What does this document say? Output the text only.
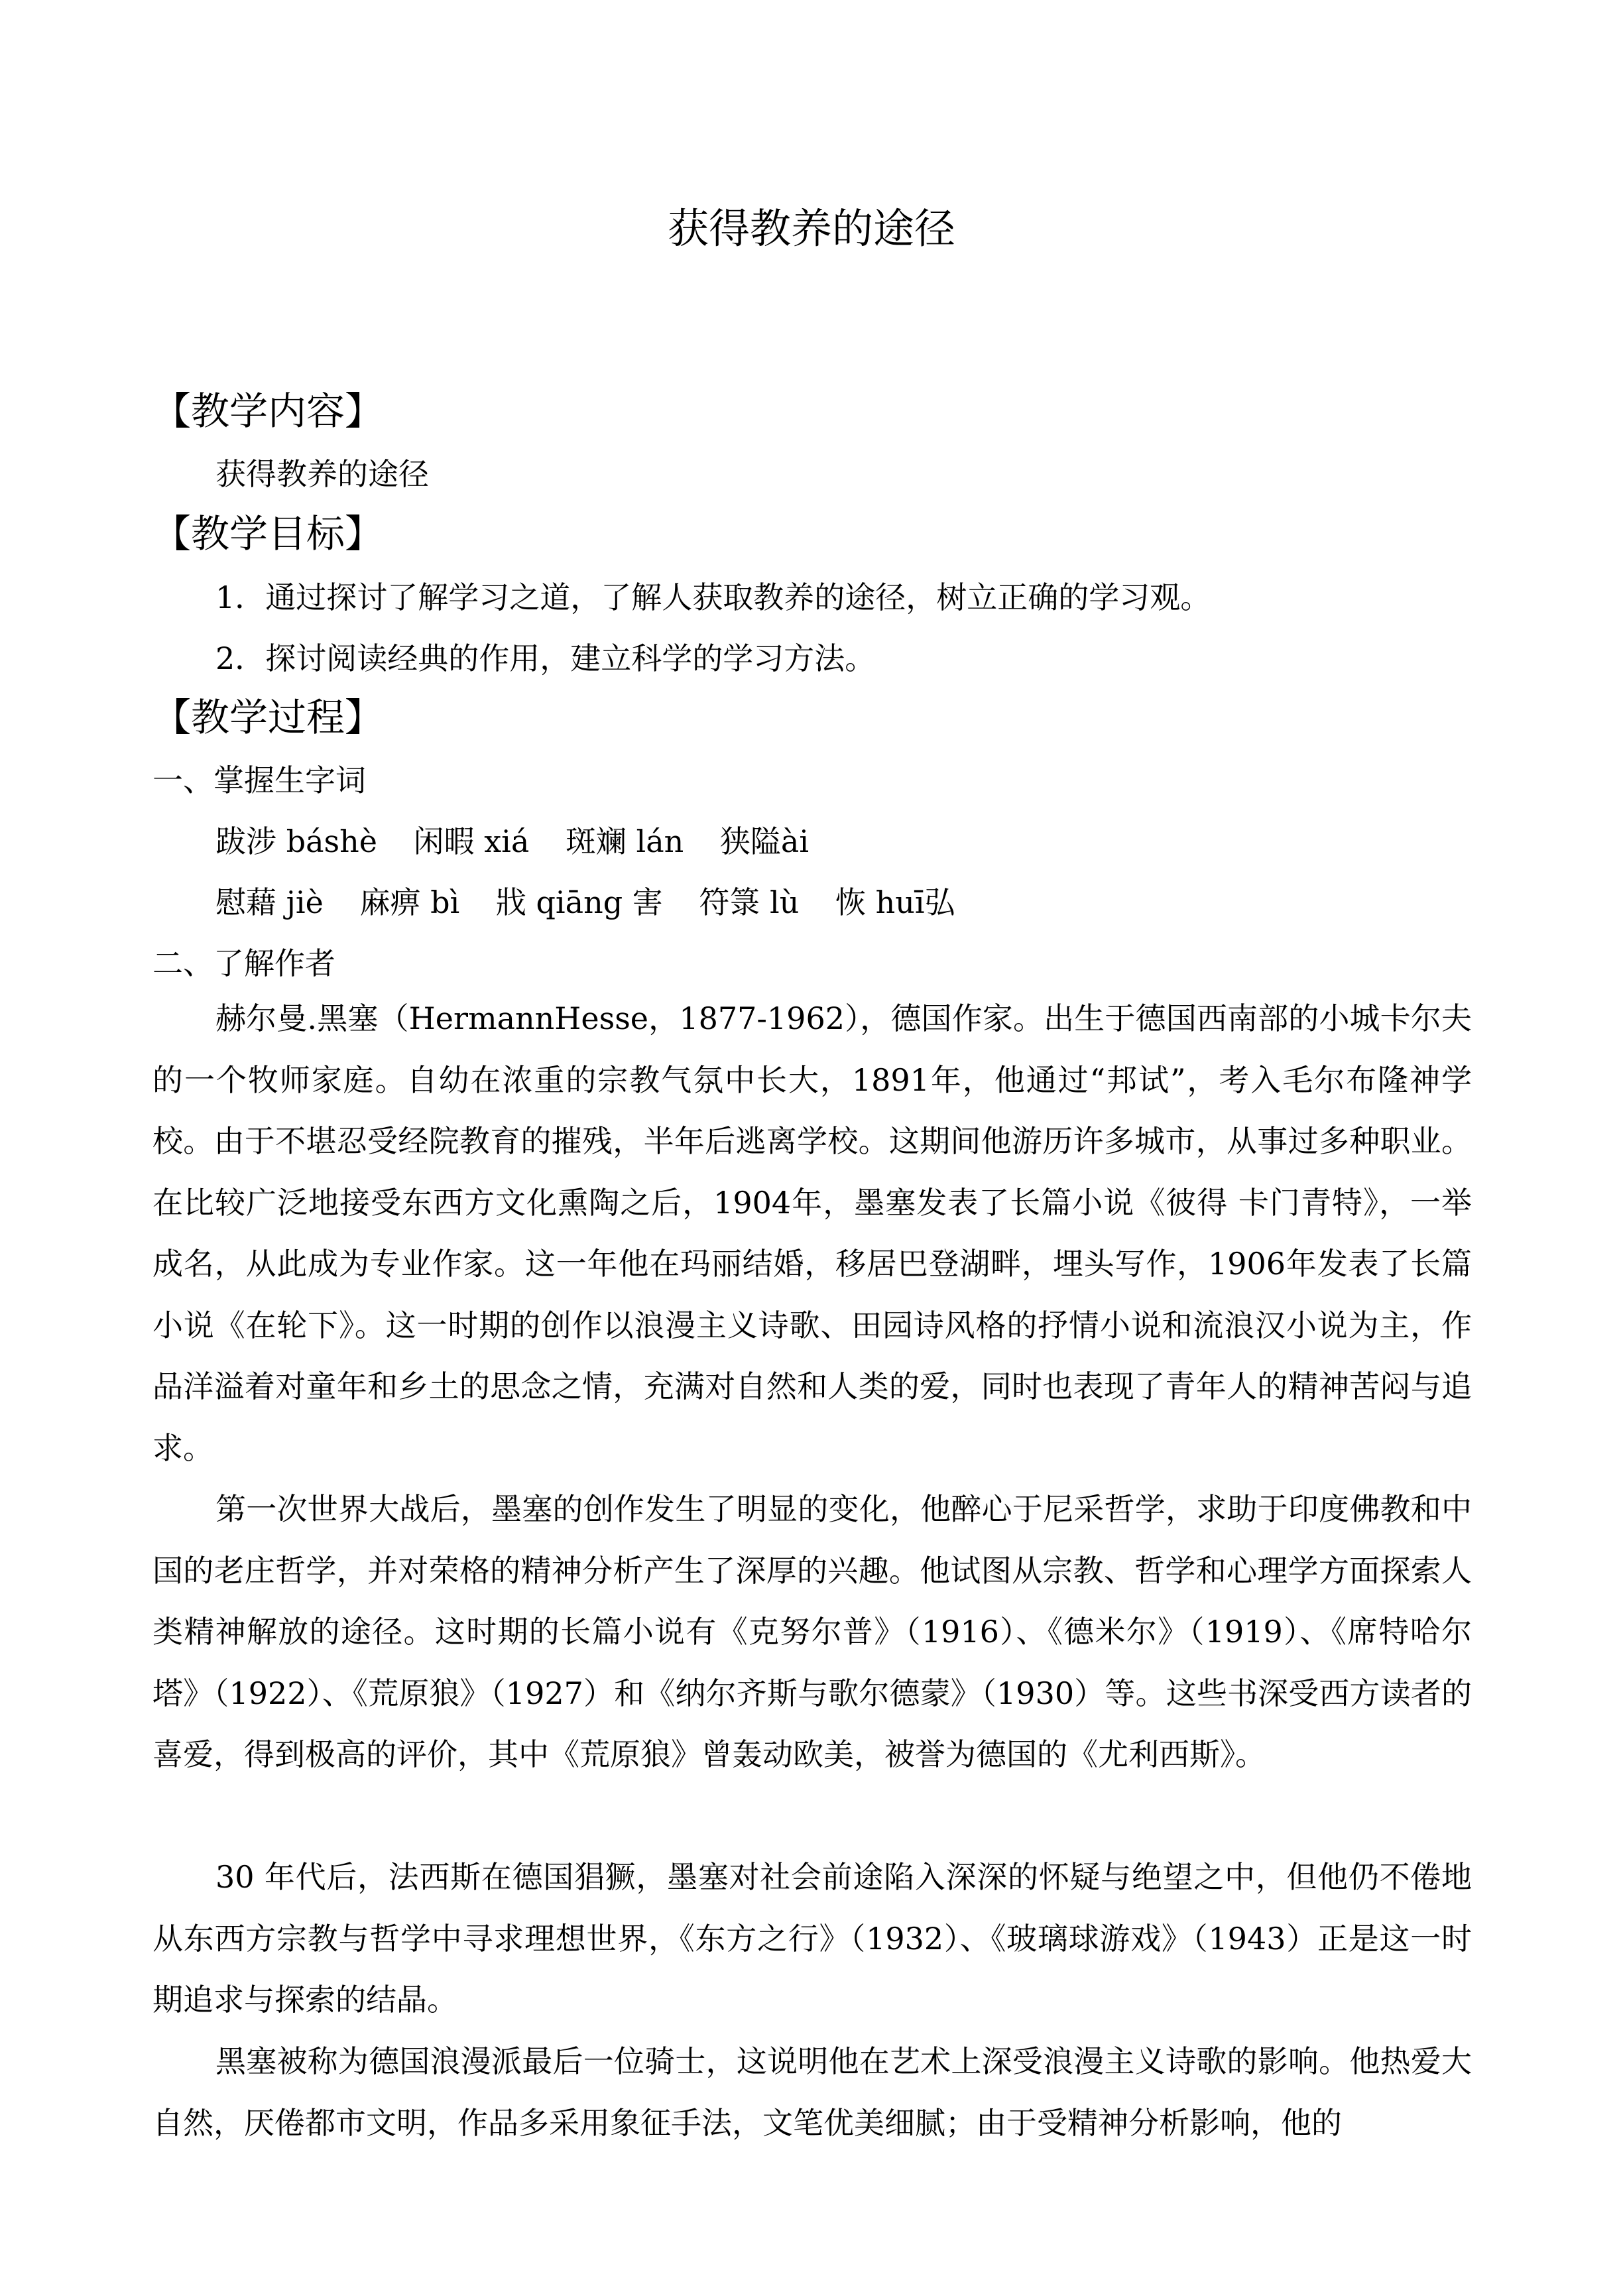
获得教养的途径
【教学内容】
获得教养的途径
【教学目标】
1．通过探讨了解学习之道，了解人获取教养的途径，树立正确的学习观。
2．探讨阅读经典的作用，建立科学的学习方法。
【教学过程】
一、掌握生字词
跋涉 báshè 闲暇 xiá 斑斓 lán 狭隘ài
慰藉 jiè 麻痹 bì 戕 qiāng 害 符箓 lù 恢 huī弘
二、了解作者

赫尔曼.黑塞（HermannHesse，1877-1962），德国作家。出生于德国西南部的小城卡尔夫的一个牧师家庭。自幼在浓重的宗教气氛中长大，1891年，他通过“邦试”，考入毛尔布隆神学校。由于不堪忍受经院教育的摧残，半年后逃离学校。这期间他游历许多城市，从事过多种职业。在比较广泛地接受东西方文化熏陶之后，1904年，墨塞发表了长篇小说《彼得 卡门青特》，一举成名，从此成为专业作家。这一年他在玛丽结婚，移居巴登湖畔，埋头写作，1906年发表了长篇小说《在轮下》。这一时期的创作以浪漫主义诗歌、田园诗风格的抒情小说和流浪汉小说为主，作品洋溢着对童年和乡土的思念之情，充满对自然和人类的爱，同时也表现了青年人的精神苦闷与追求。

第一次世界大战后，墨塞的创作发生了明显的变化，他醉心于尼采哲学，求助于印度佛教和中国的老庄哲学，并对荣格的精神分析产生了深厚的兴趣。他试图从宗教、哲学和心理学方面探索人类精神解放的途径。这时期的长篇小说有《克努尔普》（1916）、《德米尔》（1919）、《席特哈尔塔》（1922）、《荒原狼》（1927）和《纳尔齐斯与歌尔德蒙》（1930）等。这些书深受西方读者的喜爱，得到极高的评价，其中《荒原狼》曾轰动欧美，被誉为德国的《尤利西斯》。

30 年代后，法西斯在德国猖獗，墨塞对社会前途陷入深深的怀疑与绝望之中，但他仍不倦地从东西方宗教与哲学中寻求理想世界，《东方之行》（1932）、《玻璃球游戏》（1943）正是这一时期追求与探索的结晶。

黑塞被称为德国浪漫派最后一位骑士，这说明他在艺术上深受浪漫主义诗歌的影响。他热爱大自然，厌倦都市文明，作品多采用象征手法，文笔优美细腻；由于受精神分析影响，他的
